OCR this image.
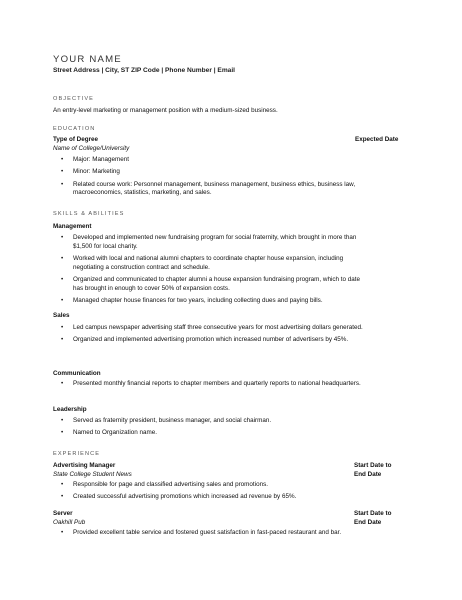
YOUR NAME
Street Address | City, ST ZIP Code | Phone Number | Email
OBJECTIVE
An entry-level marketing or management position with a medium-sized business.
EDUCATION
Type of Degree	Expected Date
Name of College/University
• Major: Management
• Minor: Marketing
• Related course work: Personnel management, business management, business ethics, business law, macroeconomics, statistics, marketing, and sales.
SKILLS & ABILITIES
Management
• Developed and implemented new fundraising program for social fraternity, which brought in more than $1,500 for local charity.
• Worked with local and national alumni chapters to coordinate chapter house expansion, including negotiating a construction contract and schedule.
• Organized and communicated to chapter alumni a house expansion fundraising program, which to date has brought in enough to cover 50% of expansion costs.
• Managed chapter house finances for two years, including collecting dues and paying bills.
Sales
• Led campus newspaper advertising staff three consecutive years for most advertising dollars generated.
• Organized and implemented advertising promotion which increased number of advertisers by 45%.
Communication
• Presented monthly financial reports to chapter members and quarterly reports to national headquarters.
Leadership
• Served as fraternity president, business manager, and social chairman.
• Named to Organization name.
EXPERIENCE
Advertising Manager	Start Date to
State College Student News	End Date
• Responsible for page and classified advertising sales and promotions.
• Created successful advertising promotions which increased ad revenue by 65%.
Server	Start Date to
Oakhill Pub	End Date
• Provided excellent table service and fostered guest satisfaction in fast-paced restaurant and bar.
